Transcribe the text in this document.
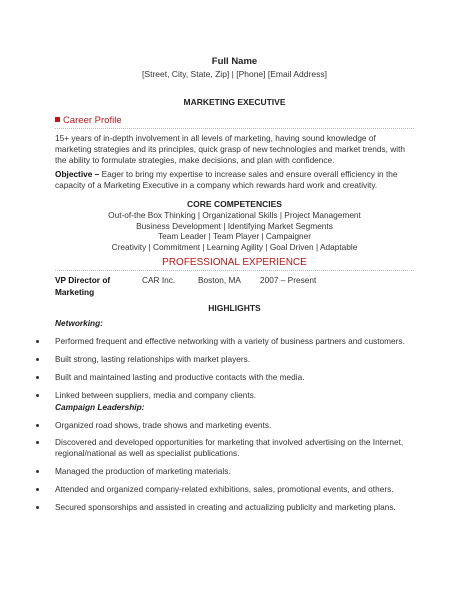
Full Name
[Street, City, State, Zip] | [Phone] [Email Address]
MARKETING EXECUTIVE
Career Profile
15+ years of in-depth involvement in all levels of marketing, having sound knowledge of marketing strategies and its principles, quick grasp of new technologies and market trends, with the ability to formulate strategies, make decisions, and plan with confidence.
Objective – Eager to bring my expertise to increase sales and ensure overall efficiency in the capacity of a Marketing Executive in a company which rewards hard work and creativity.
CORE COMPETENCIES
Out-of-the Box Thinking | Organizational Skills | Project Management
Business Development | Identifying Market Segments
Team Leader | Team Player | Campaigner
Creativity | Commitment | Learning Agility | Goal Driven | Adaptable
PROFESSIONAL EXPERIENCE
VP Director of Marketing
CAR Inc.	Boston, MA	2007 – Present
HIGHLIGHTS
Networking:
Performed frequent and effective networking with a variety of business partners and customers.
Built strong, lasting relationships with market players.
Built and maintained lasting and productive contacts with the media.
Linked between suppliers, media and company clients.
Campaign Leadership:
Organized road shows, trade shows and marketing events.
Discovered and developed opportunities for marketing that involved advertising on the Internet, regional/national as well as specialist publications.
Managed the production of marketing materials.
Attended and organized company-related exhibitions, sales, promotional events, and others.
Secured sponsorships and assisted in creating and actualizing publicity and marketing plans.
